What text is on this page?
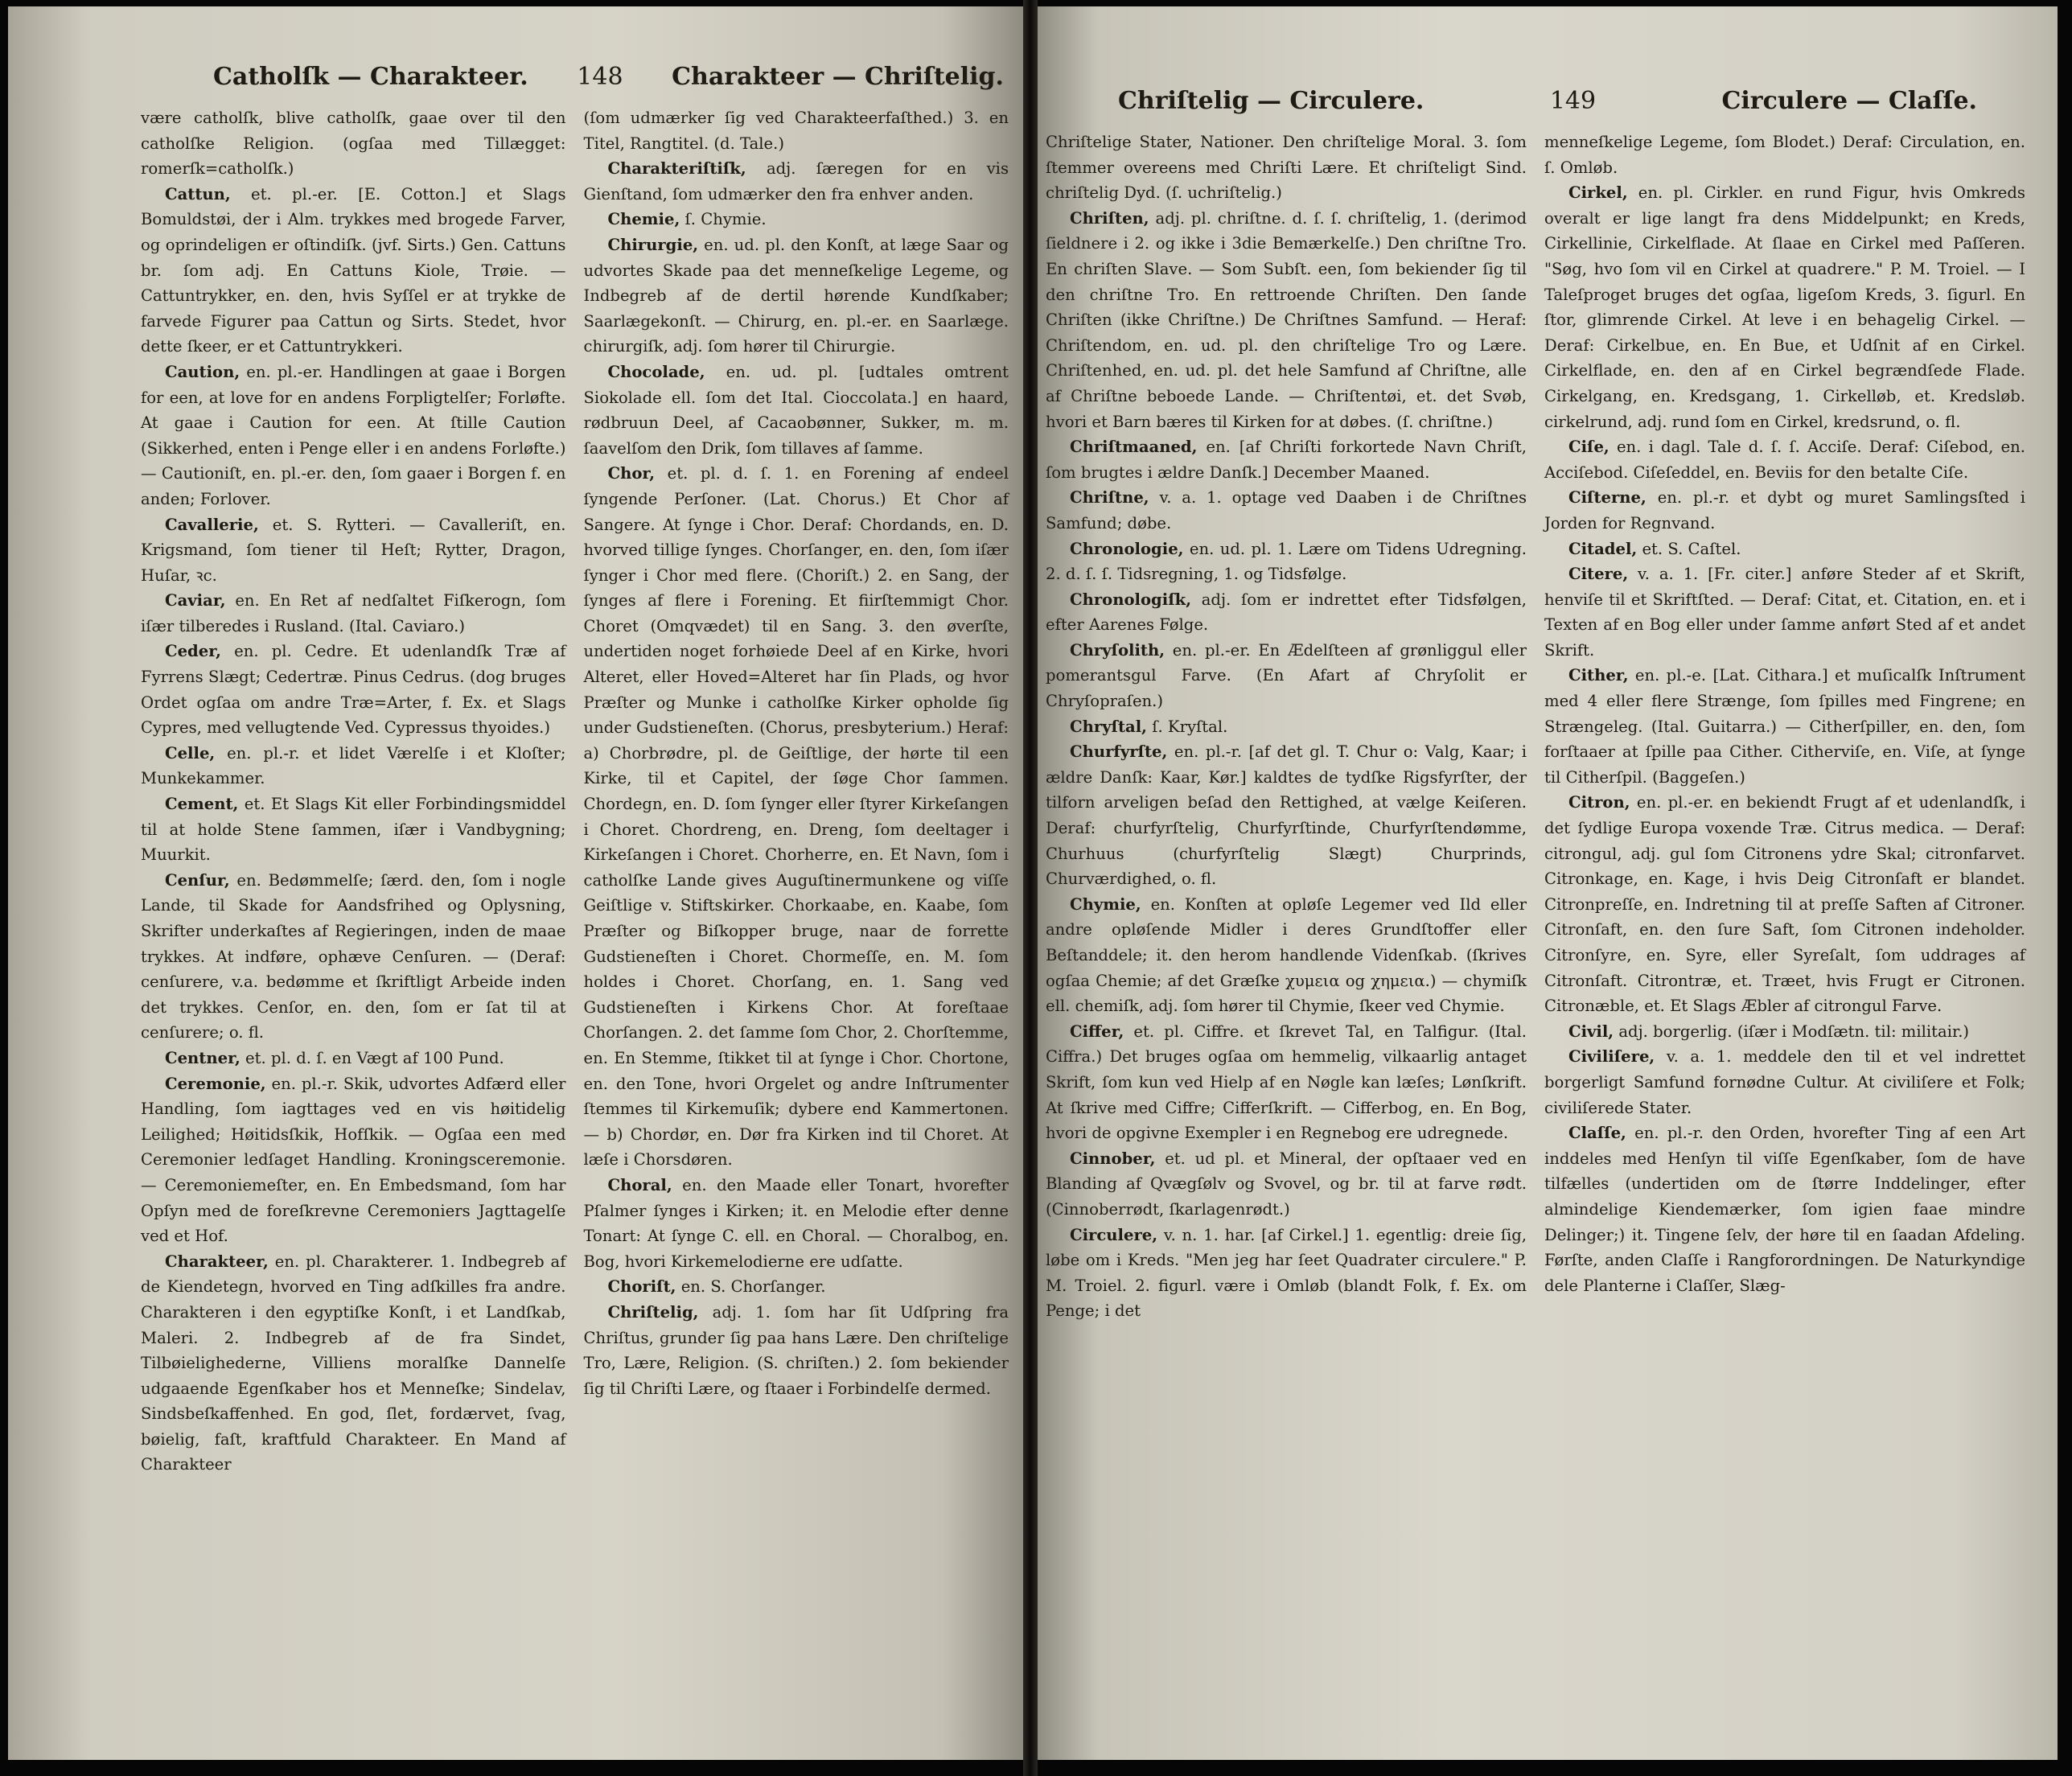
Catholſk — Charakteer. 148 Charakteer — Chriſtelig.

være catholſk, blive catholſk, gaae over til den catholſke Religion. (ogſaa med Tillægget: romerſk=catholſk.)

Cattun, et. pl.-er. [E. Cotton.] et Slags Bomuldstøi, der i Alm. trykkes med brogede Farver, og oprindeligen er oſtindiſk. (jvf. Sirts.) Gen. Cattuns br. ſom adj. En Cattuns Kiole, Trøie. — Cattuntrykker, en. den, hvis Syſſel er at trykke de farvede Figurer paa Cattun og Sirts. Stedet, hvor dette ſkeer, er et Cattuntrykkeri.

Caution, en. pl.-er. Handlingen at gaae i Borgen for een, at love for en andens Forpligtelſer; Forløfte. At gaae i Caution for een. At ſtille Caution (Sikkerhed, enten i Penge eller i en andens Forløfte.) — Cautioniſt, en. pl.-er. den, ſom gaaer i Borgen f. en anden; Forlover.

Cavallerie, et. S. Rytteri. — Cavalleriſt, en. Krigsmand, ſom tiener til Heſt; Rytter, Dragon, Huſar, ꝛc.

Caviar, en. En Ret af nedſaltet Fiſkerogn, ſom iſær tilberedes i Rusland. (Ital. Caviaro.)

Ceder, en. pl. Cedre. Et udenlandſk Træ af Fyrrens Slægt; Cedertræ. Pinus Cedrus. (dog bruges Ordet ogſaa om andre Træ=Arter, f. Ex. et Slags Cypres, med vellugtende Ved. Cypressus thyoides.)

Celle, en. pl.-r. et lidet Værelſe i et Kloſter; Munkekammer.

Cement, et. Et Slags Kit eller Forbindingsmiddel til at holde Stene ſammen, iſær i Vandbygning; Muurkit.

Cenſur, en. Bedømmelſe; ſærd. den, ſom i nogle Lande, til Skade for Aandsfrihed og Oplysning, Skrifter underkaſtes af Regieringen, inden de maae trykkes. At indføre, ophæve Cenſuren. — (Deraf: cenſurere, v.a. bedømme et ſkriftligt Arbeide inden det trykkes. Cenſor, en. den, ſom er ſat til at cenſurere; o. fl.

Centner, et. pl. d. ſ. en Vægt af 100 Pund.

Ceremonie, en. pl.-r. Skik, udvortes Adfærd eller Handling, ſom iagttages ved en vis høitidelig Leilighed; Høitidsſkik, Hofſkik. — Ogſaa een med Ceremonier ledſaget Handling. Kroningsceremonie. — Ceremoniemeſter, en. En Embedsmand, ſom har Opſyn med de foreſkrevne Ceremoniers Jagttagelſe ved et Hof.

Charakteer, en. pl. Charakterer. 1. Indbegreb af de Kiendetegn, hvorved en Ting adſkilles fra andre. Charakteren i den egyptiſke Konſt, i et Landſkab, Maleri. 2. Indbegreb af de fra Sindet, Tilbøielighederne, Villiens moralſke Dannelſe udgaaende Egenſkaber hos et Menneſke; Sindelav, Sindsbeſkaffenhed. En god, ſlet, fordærvet, ſvag, bøielig, faſt, kraftfuld Charakteer. En Mand af Charakteer

(ſom udmærker ſig ved Charakteerfaſthed.) 3. en Titel, Rangtitel. (d. Tale.)

Charakteriſtiſk, adj. ſæregen for en vis Gienſtand, ſom udmærker den fra enhver anden.

Chemie, ſ. Chymie.

Chirurgie, en. ud. pl. den Konſt, at læge Saar og udvortes Skade paa det menneſkelige Legeme, og Indbegreb af de dertil hørende Kundſkaber; Saarlægekonſt. — Chirurg, en. pl.-er. en Saarlæge. chirurgiſk, adj. ſom hører til Chirurgie.

Chocolade, en. ud. pl. [udtales omtrent Siokolade ell. ſom det Ital. Cioccolata.] en haard, rødbruun Deel, af Cacaobønner, Sukker, m. m. ſaavelſom den Drik, ſom tillaves af ſamme.

Chor, et. pl. d. ſ. 1. en Forening af endeel ſyngende Perſoner. (Lat. Chorus.) Et Chor af Sangere. At ſynge i Chor. Deraf: Chordands, en. D. hvorved tillige ſynges. Chorſanger, en. den, ſom iſær ſynger i Chor med flere. (Choriſt.) 2. en Sang, der ſynges af flere i Forening. Et fiirſtemmigt Chor. Choret (Omqvædet) til en Sang. 3. den øverſte, undertiden noget forhøiede Deel af en Kirke, hvori Alteret, eller Hoved=Alteret har ſin Plads, og hvor Præſter og Munke i catholſke Kirker opholde ſig under Gudstieneſten. (Chorus, presbyterium.) Heraf: a) Chorbrødre, pl. de Geiſtlige, der hørte til een Kirke, til et Capitel, der ſøge Chor ſammen. Chordegn, en. D. ſom ſynger eller ſtyrer Kirkeſangen i Choret. Chordreng, en. Dreng, ſom deeltager i Kirkeſangen i Choret. Chorherre, en. Et Navn, ſom i catholſke Lande gives Auguſtinermunkene og viſſe Geiſtlige v. Stiftskirker. Chorkaabe, en. Kaabe, ſom Præſter og Biſkopper bruge, naar de forrette Gudstieneſten i Choret. Chormeſſe, en. M. ſom holdes i Choret. Chorſang, en. 1. Sang ved Gudstieneſten i Kirkens Chor. At foreſtaae Chorſangen. 2. det ſamme ſom Chor, 2. Chorſtemme, en. En Stemme, ſtikket til at ſynge i Chor. Chortone, en. den Tone, hvori Orgelet og andre Inſtrumenter ſtemmes til Kirkemuſik; dybere end Kammertonen. — b) Chordør, en. Dør fra Kirken ind til Choret. At læſe i Chorsdøren.

Choral, en. den Maade eller Tonart, hvorefter Pſalmer ſynges i Kirken; it. en Melodie efter denne Tonart: At ſynge C. ell. en Choral. — Choralbog, en. Bog, hvori Kirkemelodierne ere udſatte.

Choriſt, en. S. Chorſanger.

Chriſtelig, adj. 1. ſom har ſit Udſpring fra Chriſtus, grunder ſig paa hans Lære. Den chriſtelige Tro, Lære, Religion. (S. chriſten.) 2. ſom bekiender ſig til Chriſti Lære, og ſtaaer i Forbindelſe dermed.

Chriſtelig — Circulere.	149	Circulere — Claſſe.

Chriſtelige Stater, Nationer. Den chriſtelige Moral. 3. ſom ſtemmer overeens med Chriſti Lære. Et chriſteligt Sind. chriſtelig Dyd. (ſ. uchriſtelig.)

Chriſten, adj. pl. chriſtne. d. ſ. ſ. chriſtelig, 1. (derimod ſieldnere i 2. og ikke i 3die Bemærkelſe.) Den chriſtne Tro. En chriſten Slave. — Som Subſt. een, ſom bekiender ſig til den chriſtne Tro. En rettroende Chriſten. Den ſande Chriſten (ikke Chriſtne.) De Chriſtnes Samfund. — Heraf: Chriſtendom, en. ud. pl. den chriſtelige Tro og Lære. Chriſtenhed, en. ud. pl. det hele Samfund af Chriſtne, alle af Chriſtne beboede Lande. — Chriſtentøi, et. det Svøb, hvori et Barn bæres til Kirken for at døbes. (ſ. chriſtne.)

Chriſtmaaned, en. [af Chriſti forkortede Navn Chriſt, ſom brugtes i ældre Danſk.] December Maaned.

Chriſtne, v. a. 1. optage ved Daaben i de Chriſtnes Samfund; døbe.

Chronologie, en. ud. pl. 1. Lære om Tidens Udregning. 2. d. ſ. ſ. Tidsregning, 1. og Tidsfølge.

Chronologiſk, adj. ſom er indrettet efter Tidsfølgen, efter Aarenes Følge.

Chryſolith, en. pl.-er. En Ædelſteen af grønliggul eller pomerantsgul Farve. (En Afart af Chryſolit er Chryſopraſen.)

Chryſtal, ſ. Kryſtal.

Churfyrſte, en. pl.-r. [af det gl. T. Chur o: Valg, Kaar; i ældre Danſk: Kaar, Kør.] kaldtes de tydſke Rigsfyrſter, der tilforn arveligen beſad den Rettighed, at vælge Keiſeren. Deraf: churfyrſtelig, Churfyrſtinde, Churfyrſtendømme, Churhuus (churfyrſtelig Slægt) Churprinds, Churværdighed, o. fl.

Chymie, en. Konſten at opløſe Legemer ved Ild eller andre opløſende Midler i deres Grundſtoffer eller Beſtanddele; it. den herom handlende Videnſkab. (ſkrives ogſaa Chemie; af det Græſke χυμεια og χημεια.) — chymiſk ell. chemiſk, adj. ſom hører til Chymie, ſkeer ved Chymie.

Ciffer, et. pl. Ciffre. et ſkrevet Tal, en Talfigur. (Ital. Ciffra.) Det bruges ogſaa om hemmelig, vilkaarlig antaget Skrift, ſom kun ved Hielp af en Nøgle kan læſes; Lønſkrift. At ſkrive med Ciffre; Cifferſkrift. — Cifferbog, en. En Bog, hvori de opgivne Exempler i en Regnebog ere udregnede.

Cinnober, et. ud pl. et Mineral, der opſtaaer ved en Blanding af Qvægſølv og Svovel, og br. til at farve rødt. (Cinnoberrødt, ſkarlagenrødt.)

Circulere, v. n. 1. har. [af Cirkel.] 1. egentlig: dreie ſig, løbe om i Kreds. "Men jeg har ſeet Quadrater circulere." P. M. Troiel. 2. figurl. være i Omløb (blandt Folk, f. Ex. om Penge; i det

menneſkelige Legeme, ſom Blodet.) Deraf: Circulation, en. ſ. Omløb.

Cirkel, en. pl. Cirkler. en rund Figur, hvis Omkreds overalt er lige langt fra dens Middelpunkt; en Kreds, Cirkellinie, Cirkelflade. At ſlaae en Cirkel med Paſſeren. "Søg, hvo ſom vil en Cirkel at quadrere." P. M. Troiel. — I Taleſproget bruges det ogſaa, ligeſom Kreds, 3. ſigurl. En ſtor, glimrende Cirkel. At leve i en behagelig Cirkel. — Deraf: Cirkelbue, en. En Bue, et Udſnit af en Cirkel. Cirkelflade, en. den af en Cirkel begrændſede Flade. Cirkelgang, en. Kredsgang, 1. Cirkelløb, et. Kredsløb. cirkelrund, adj. rund ſom en Cirkel, kredsrund, o. fl.

Ciſe, en. i dagl. Tale d. ſ. ſ. Acciſe. Deraf: Ciſebod, en. Acciſebod. Ciſeſeddel, en. Beviis for den betalte Ciſe.

Ciſterne, en. pl.-r. et dybt og muret Samlingsſted i Jorden for Regnvand.

Citadel, et. S. Caſtel.

Citere, v. a. 1. [Fr. citer.] anføre Steder af et Skrift, henviſe til et Skriftſted. — Deraf: Citat, et. Citation, en. et i Texten af en Bog eller under ſamme anført Sted af et andet Skrift.

Cither, en. pl.-e. [Lat. Cithara.] et muſicalſk Inſtrument med 4 eller flere Strænge, ſom ſpilles med Fingrene; en Strængeleg. (Ital. Guitarra.) — Citherſpiller, en. den, ſom forſtaaer at ſpille paa Cither. Citherviſe, en. Viſe, at ſynge til Citherſpil. (Baggeſen.)

Citron, en. pl.-er. en bekiendt Frugt af et udenlandſk, i det ſydlige Europa voxende Træ. Citrus medica. — Deraf: citrongul, adj. gul ſom Citronens ydre Skal; citronfarvet. Citronkage, en. Kage, i hvis Deig Citronſaft er blandet. Citronpreſſe, en. Indretning til at preſſe Saften af Citroner. Citronſaft, en. den ſure Saft, ſom Citronen indeholder. Citronſyre, en. Syre, eller Syreſalt, ſom uddrages af Citronſaft. Citrontræ, et. Træet, hvis Frugt er Citronen. Citronæble, et. Et Slags Æbler af citrongul Farve.

Civil, adj. borgerlig. (iſær i Modſætn. til: militair.)

Civiliſere, v. a. 1. meddele den til et vel indrettet borgerligt Samfund fornødne Cultur. At civiliſere et Folk; civiliſerede Stater.

Claſſe, en. pl.-r. den Orden, hvorefter Ting af een Art inddeles med Henſyn til viſſe Egenſkaber, ſom de have tilfælles (undertiden om de ſtørre Inddelinger, efter almindelige Kiendemærker, ſom igien faae mindre Delinger;) it. Tingene ſelv, der høre til en ſaadan Afdeling. Førſte, anden Claſſe i Rangforordningen. De Naturkyndige dele Planterne i Claſſer, Slæg-
